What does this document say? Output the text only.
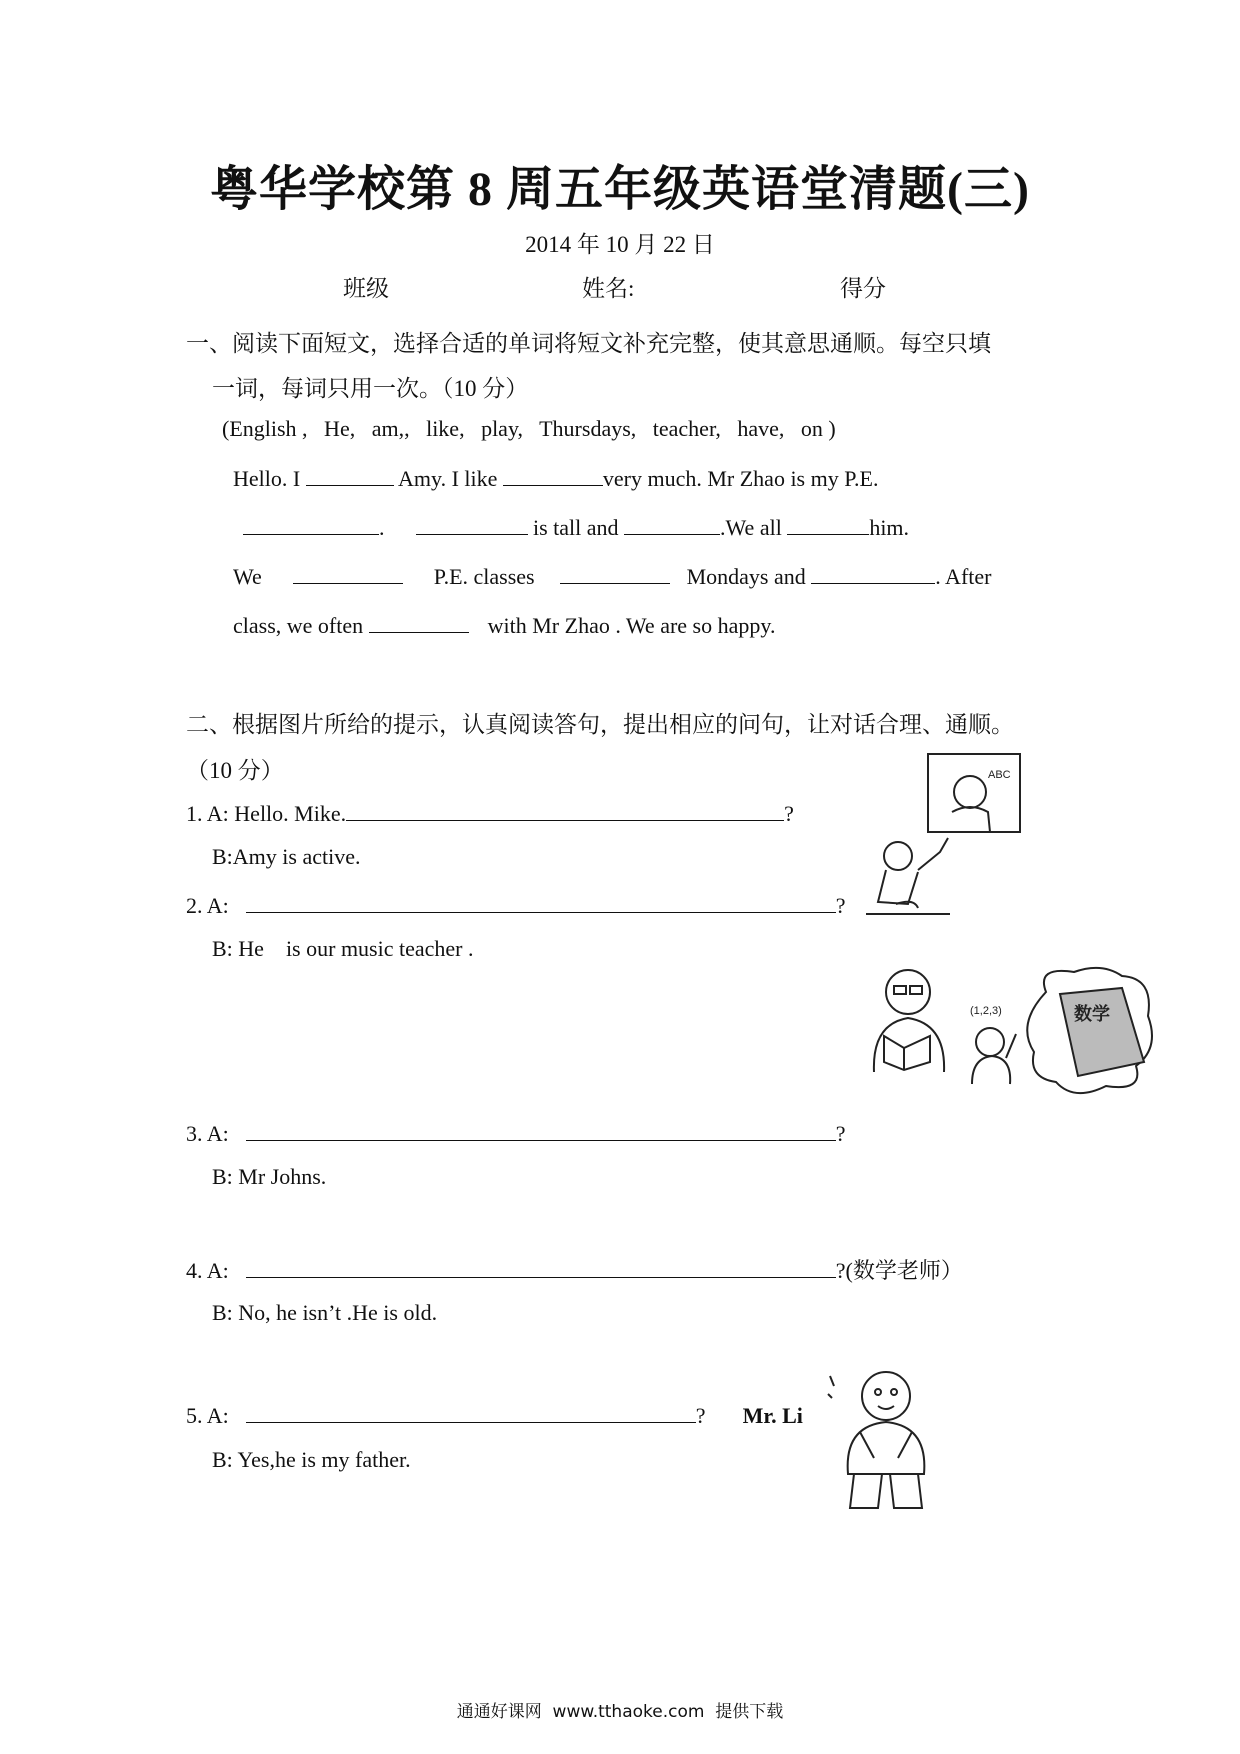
粤华学校第 8 周五年级英语堂清题(三)
2014 年 10 月 22 日
班级	姓名:	得分
一、阅读下面短文，选择合适的单词将短文补充完整，使其意思通顺。每空只填
一词，每词只用一次。（10 分）
(English ,   He,   am,,   like,   play,   Thursdays,   teacher,   have,   on )
Hello. I	Amy. I like	very much. Mr Zhao is my P.E.
.	is tall and	.We all	him.
We	P.E. classes	Mondays and	. After
class, we often	with Mr Zhao . We are so happy.
二、根据图片所给的提示，认真阅读答句，提出相应的问句，让对话合理、通顺。
（10 分）
1. A: Hello. Mike.	?
B:Amy is active.
2. A:	?
B: He    is our music teacher .
3. A:	?
B: Mr Johns.
4. A:	?(数学老师）
B: No, he isn’t .He is old.
5. A:	? Mr. Li
B: Yes,he is my father.
ABC
(1,2,3)	数学
通通好课网  www.tthaoke.com  提供下载
